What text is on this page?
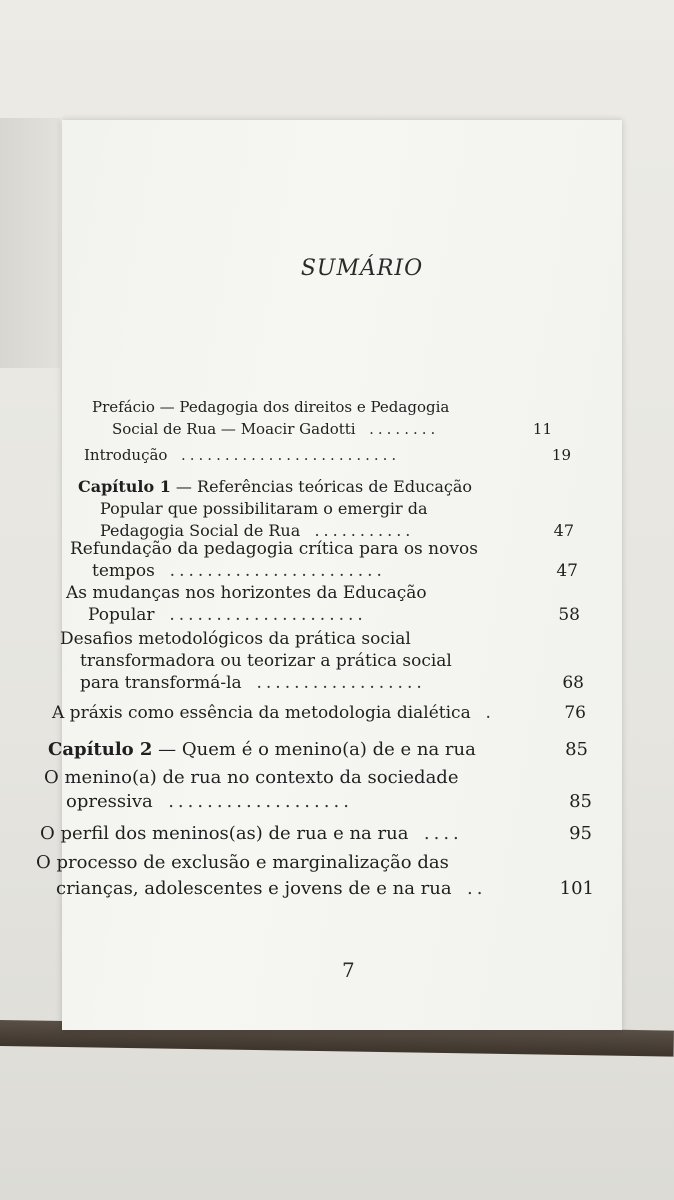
SUMÁRIO
Prefácio — Pedagogia dos direitos e Pedagogia
Social de Rua — Moacir Gadotti  ........	11
Introdução  .........................	19
Capítulo 1 — Referências teóricas de Educação
Popular que possibilitaram o emergir da
Pedagogia Social de Rua  ...........	47
Refundação da pedagogia crítica para os novos
tempos  .......................	47
As mudanças nos horizontes da Educação
Popular  .....................	58
Desafios metodológicos da prática social
transformadora ou teorizar a prática social
para transformá-la  ..................	68
A práxis como essência da metodologia dialética  .	76
Capítulo 2 — Quem é o menino(a) de e na rua	85
O menino(a) de rua no contexto da sociedade
opressiva  ...................	85
O perfil dos meninos(as) de rua e na rua  ....	95
O processo de exclusão e marginalização das
crianças, adolescentes e jovens de e na rua  ..	101
7
